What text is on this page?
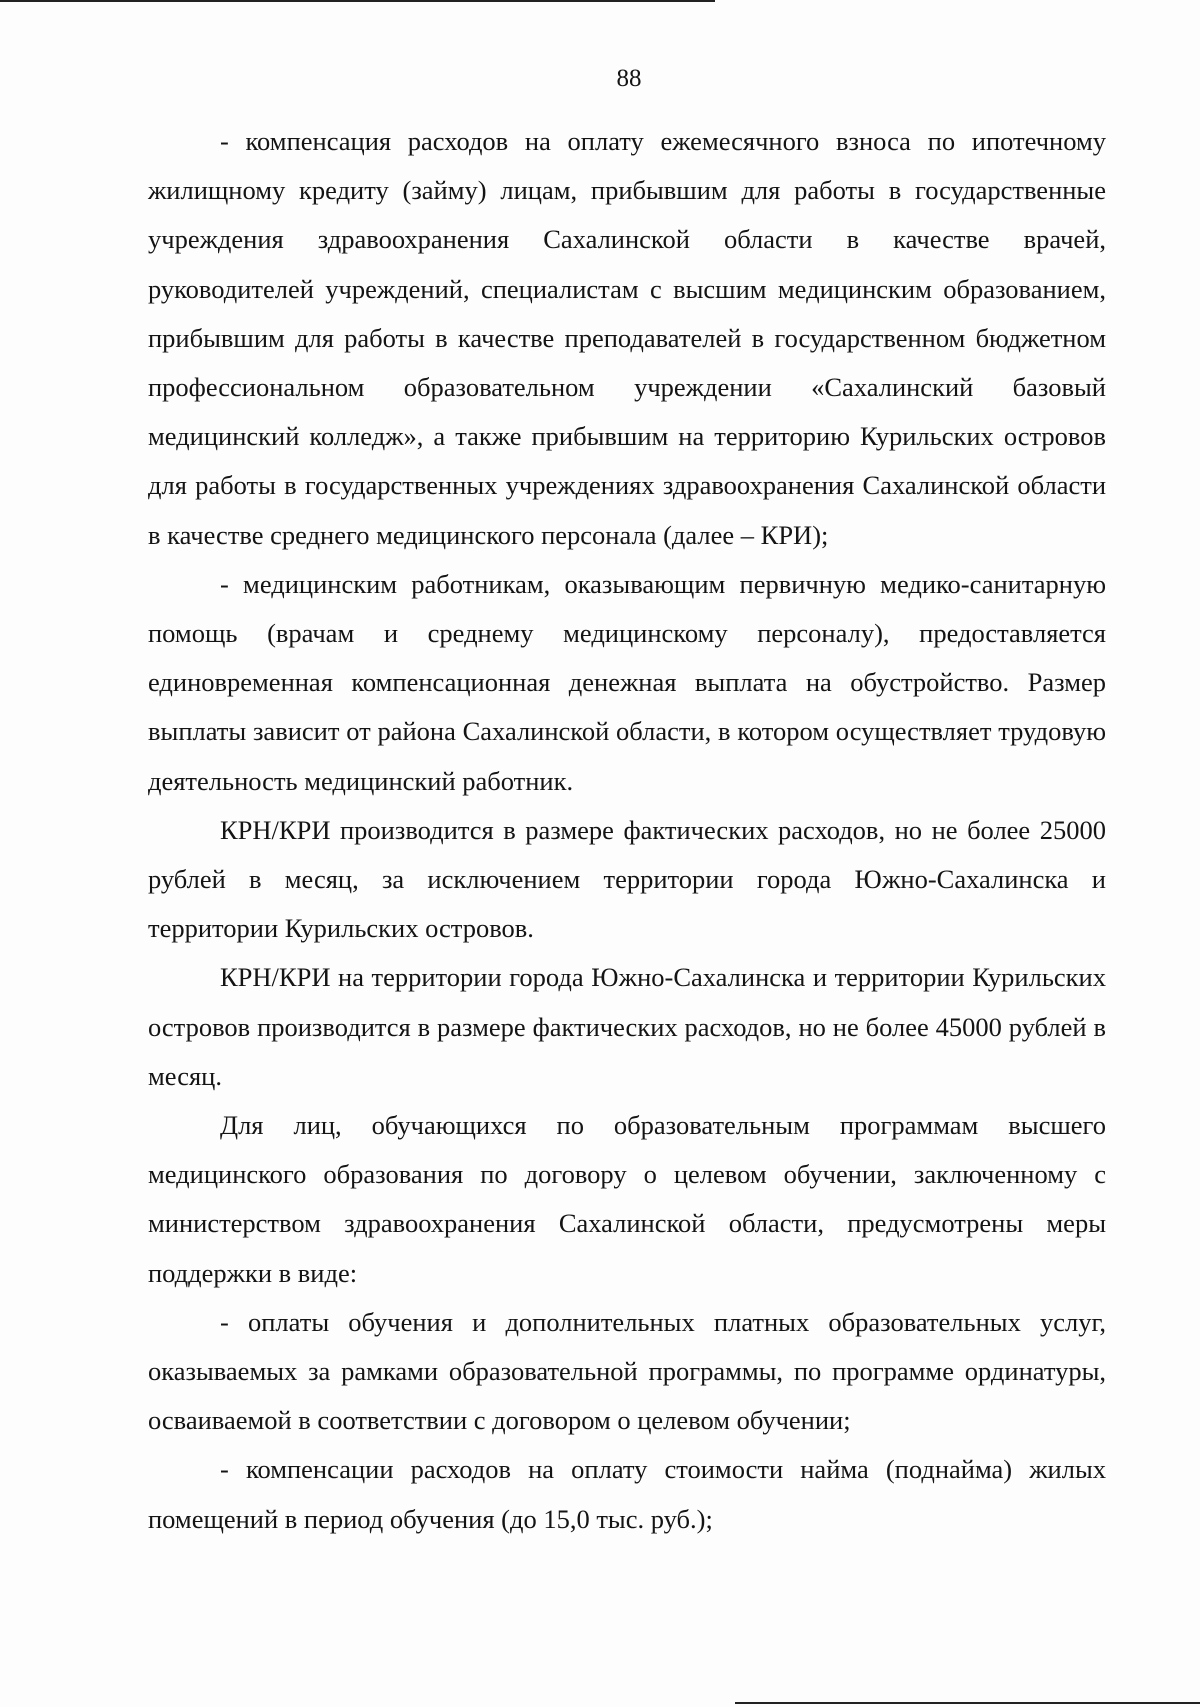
88

- компенсация расходов на оплату ежемесячного взноса по ипотечному жилищному кредиту (займу) лицам, прибывшим для работы в государственные учреждения здравоохранения Сахалинской области в качестве врачей, руководителей учреждений, специалистам с высшим медицинским образованием, прибывшим для работы в качестве преподавателей в государственном бюджетном профессиональном образовательном учреждении «Сахалинский базовый медицинский колледж», а также прибывшим на территорию Курильских островов для работы в государственных учреждениях здравоохранения Сахалинской области в качестве среднего медицинского персонала (далее – КРИ);

- медицинским работникам, оказывающим первичную медико-санитарную помощь (врачам и среднему медицинскому персоналу), предоставляется единовременная компенсационная денежная выплата на обустройство. Размер выплаты зависит от района Сахалинской области, в котором осуществляет трудовую деятельность медицинский работник.

КРН/КРИ производится в размере фактических расходов, но не более 25000 рублей в месяц, за исключением территории города Южно-Сахалинска и территории Курильских островов.

КРН/КРИ на территории города Южно-Сахалинска и территории Курильских островов производится в размере фактических расходов, но не более 45000 рублей в месяц.

Для лиц, обучающихся по образовательным программам высшего медицинского образования по договору о целевом обучении, заключенному с министерством здравоохранения Сахалинской области, предусмотрены меры поддержки в виде:

- оплаты обучения и дополнительных платных образовательных услуг, оказываемых за рамками образовательной программы, по программе ординатуры, осваиваемой в соответствии с договором о целевом обучении;

- компенсации расходов на оплату стоимости найма (поднайма) жилых помещений в период обучения (до 15,0 тыс. руб.);
